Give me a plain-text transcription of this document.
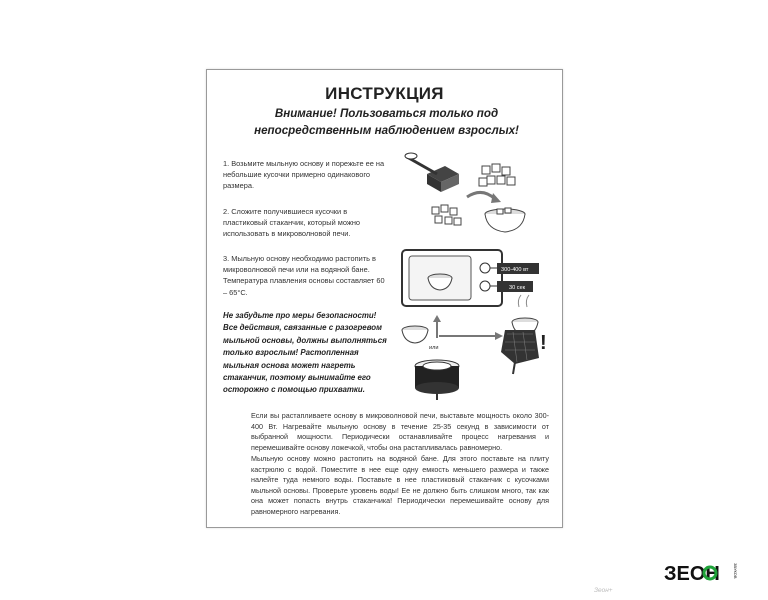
ИНСТРУКЦИЯ
Внимание! Пользоваться только под непосредственным наблюдением взрослых!
1. Возьмите мыльную основу и порежьте ее на небольшие кусочки примерно одинакового размера.
2. Сложите получившиеся кусочки в пластиковый стаканчик, который можно использовать в микроволновой печи.
3. Мыльную основу необходимо растопить в микроволновой печи или на водяной бане. Температура плавления основы составляет 60 – 65°С.
Не забудьте про меры безопасности! Все действия, связанные с разогревом мыльной основы, должны выполняться только взрослым! Растопленная мыльная основа может нагреть стаканчик, поэтому вынимайте его осторожно с помощью прихватки.
300-400 вт
30 сек
или	!
Если вы растапливаете основу в микроволновой печи, выставьте мощность около 300-400 Вт. Нагревайте мыльную основу в течение 25-35 секунд в зависимости от выбранной мощности. Периодически останавливайте процесс нагревания и перемешивайте основу ложечкой, чтобы она растапливалась равномерно.
Мыльную основу можно растопить на водяной бане. Для этого поставьте на плиту кастрюлю с водой. Поместите в нее еще одну емкость меньшего размера и также налейте туда немного воды. Поставьте в нее пластиковый стаканчик с кусочками мыльной основы. Проверьте уровень воды! Ее не должно быть слишком много, так как она может попасть внутрь стаканчика! Периодически перемешивайте основу для равномерного нагревания.
ЗЕОН	ЗВУКОВ
Зеон+
